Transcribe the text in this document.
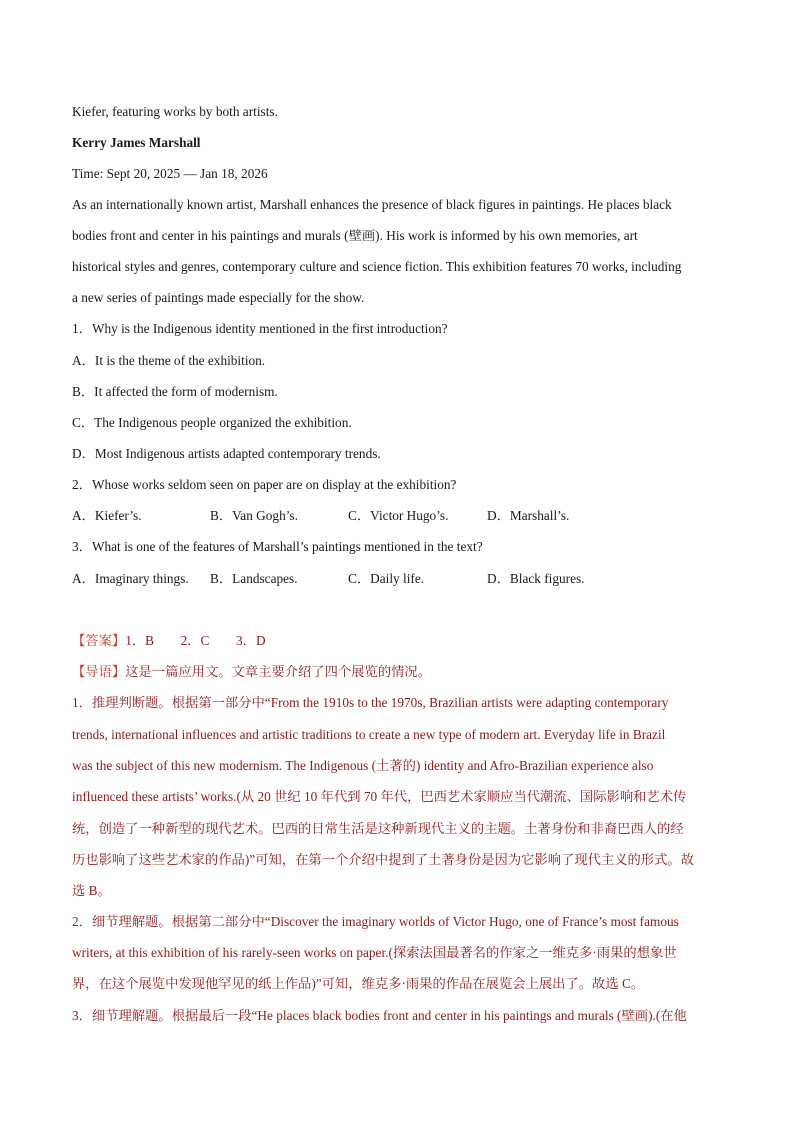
Kiefer, featuring works by both artists.
Kerry James Marshall
Time: Sept 20, 2025 — Jan 18, 2026
As an internationally known artist, Marshall enhances the presence of black figures in paintings. He places black
bodies front and center in his paintings and murals (壁画). His work is informed by his own memories, art
historical styles and genres, contemporary culture and science fiction. This exhibition features 70 works, including
a new series of paintings made especially for the show.
1．Why is the Indigenous identity mentioned in the first introduction?
A．It is the theme of the exhibition.
B．It affected the form of modernism.
C．The Indigenous people organized the exhibition.
D．Most Indigenous artists adapted contemporary trends.
2．Whose works seldom seen on paper are on display at the exhibition?
A．Kiefer’s.	B．Van Gogh’s.	C．Victor Hugo’s.	D．Marshall’s.
3．What is one of the features of Marshall’s paintings mentioned in the text?
A．Imaginary things. B．Landscapes.	C．Daily life.	D．Black figures.
【答案】1．B　　2．C　　3．D
【导语】这是一篇应用文。文章主要介绍了四个展览的情况。
1．推理判断题。根据第一部分中“From the 1910s to the 1970s, Brazilian artists were adapting contemporary
trends, international influences and artistic traditions to create a new type of modern art. Everyday life in Brazil
was the subject of this new modernism. The Indigenous (土著的) identity and Afro-Brazilian experience also
influenced these artists’ works.(从 20 世纪 10 年代到 70 年代，巴西艺术家顺应当代潮流、国际影响和艺术传
统，创造了一种新型的现代艺术。巴西的日常生活是这种新现代主义的主题。土著身份和非裔巴西人的经
历也影响了这些艺术家的作品)”可知，在第一个介绍中提到了土著身份是因为它影响了现代主义的形式。故
选 B。
2．细节理解题。根据第二部分中“Discover the imaginary worlds of Victor Hugo, one of France’s most famous
writers, at this exhibition of his rarely-seen works on paper.(探索法国最著名的作家之一维克多·雨果的想象世
界，在这个展览中发现他罕见的纸上作品)”可知，维克多·雨果的作品在展览会上展出了。故选 C。
3．细节理解题。根据最后一段“He places black bodies front and center in his paintings and murals (壁画).(在他
